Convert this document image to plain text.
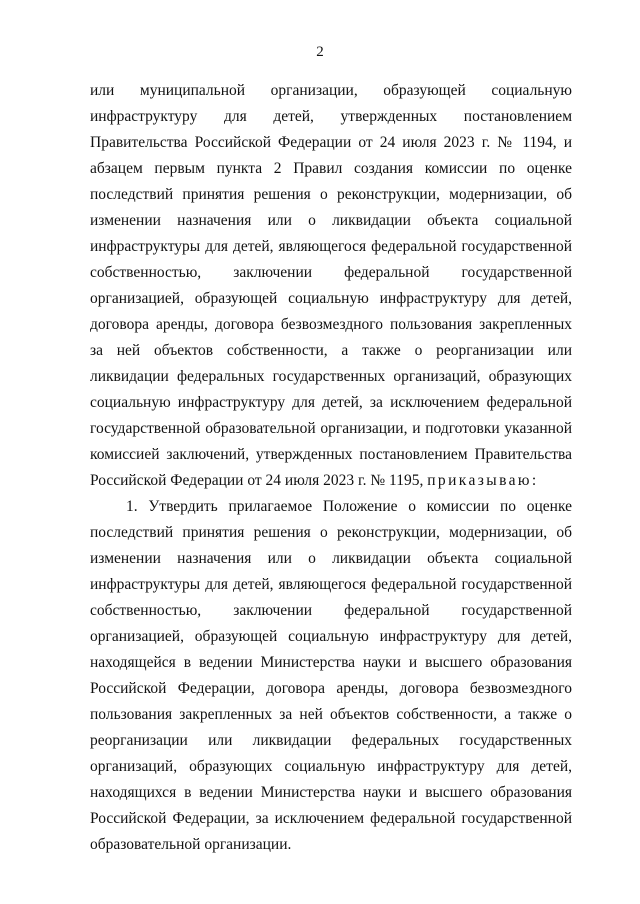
2

или муниципальной организации, образующей социальную инфраструктуру для детей, утвержденных постановлением Правительства Российской Федерации от 24 июля 2023 г. № 1194, и абзацем первым пункта 2 Правил создания комиссии по оценке последствий принятия решения о реконструкции, модернизации, об изменении назначения или о ликвидации объекта социальной инфраструктуры для детей, являющегося федеральной государственной собственностью, заключении федеральной государственной организацией, образующей социальную инфраструктуру для детей, договора аренды, договора безвозмездного пользования закрепленных за ней объектов собственности, а также о реорганизации или ликвидации федеральных государственных организаций, образующих социальную инфраструктуру для детей, за исключением федеральной государственной образовательной организации, и подготовки указанной комиссией заключений, утвержденных постановлением Правительства Российской Федерации от 24 июля 2023 г. № 1195, приказываю:

1. Утвердить прилагаемое Положение о комиссии по оценке последствий принятия решения о реконструкции, модернизации, об изменении назначения или о ликвидации объекта социальной инфраструктуры для детей, являющегося федеральной государственной собственностью, заключении федеральной государственной организацией, образующей социальную инфраструктуру для детей, находящейся в ведении Министерства науки и высшего образования Российской Федерации, договора аренды, договора безвозмездного пользования закрепленных за ней объектов собственности, а также о реорганизации или ликвидации федеральных государственных организаций, образующих социальную инфраструктуру для детей, находящихся в ведении Министерства науки и высшего образования Российской Федерации, за исключением федеральной государственной образовательной организации.
